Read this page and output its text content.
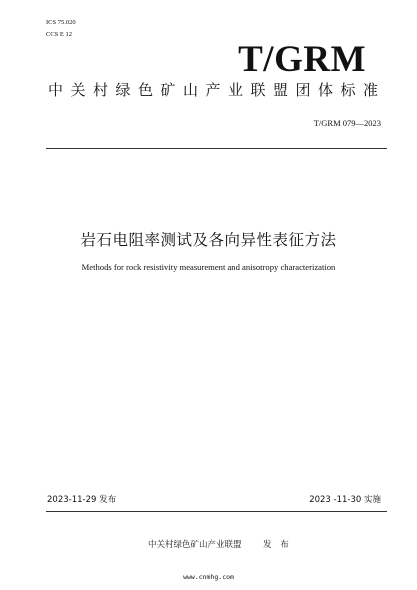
ICS 75.020
CCS E 12
T/GRM
中关村绿色矿山产业联盟团体标准
T/GRM 079—2023
岩石电阻率测试及各向异性表征方法
Methods for rock resistivity measurement and anisotropy characterization
2023-11-29 发布	2023 -11-30 实施
中关村绿色矿山产业联盟	发 布
www.cnmhg.com
